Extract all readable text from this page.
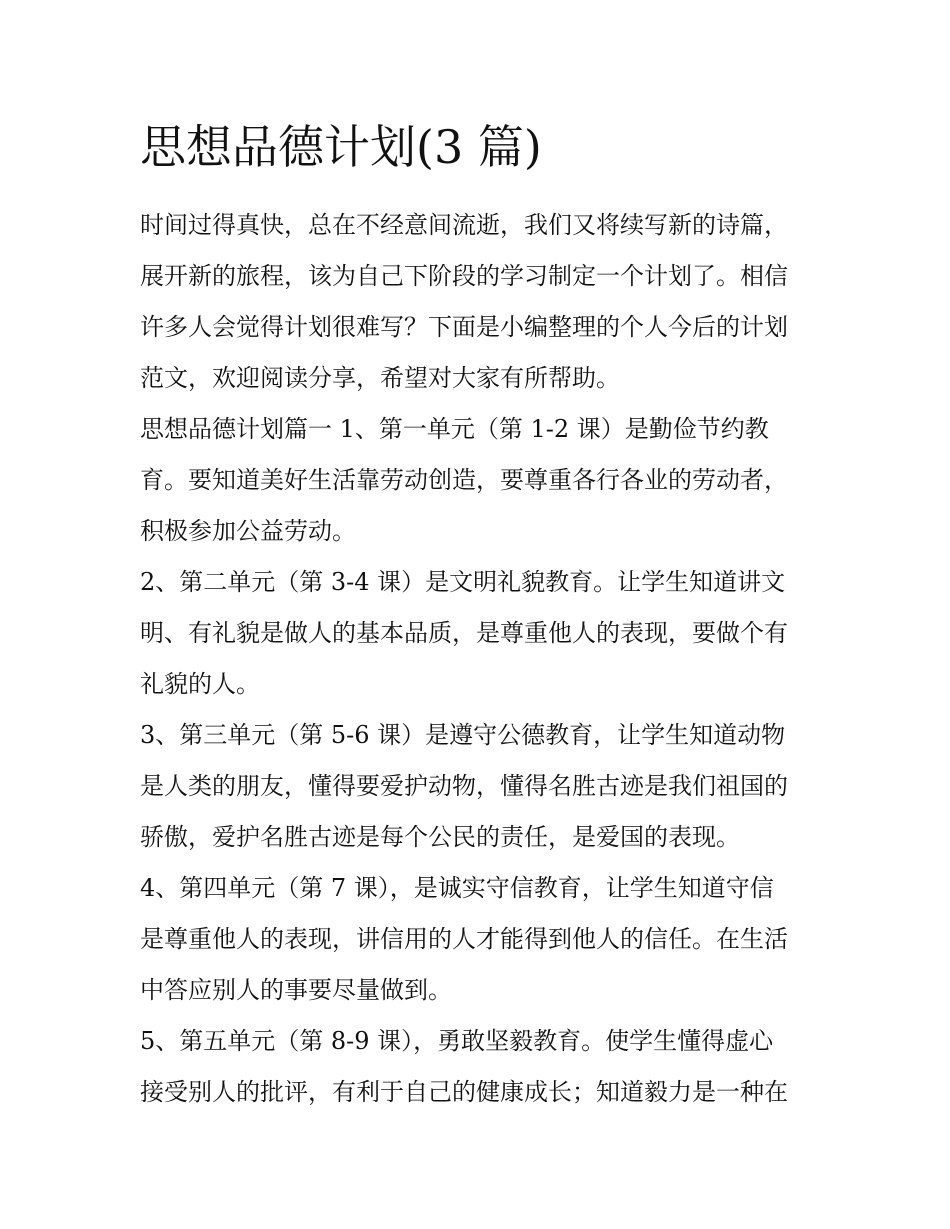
思想品德计划(3 篇)

时间过得真快，总在不经意间流逝，我们又将续写新的诗篇，
展开新的旅程，该为自己下阶段的学习制定一个计划了。相信
许多人会觉得计划很难写？下面是小编整理的个人今后的计划
范文，欢迎阅读分享，希望对大家有所帮助。

思想品德计划篇一 1、第一单元（第 1-2 课）是勤俭节约教
育。要知道美好生活靠劳动创造，要尊重各行各业的劳动者，
积极参加公益劳动。

2、第二单元（第 3-4 课）是文明礼貌教育。让学生知道讲文
明、有礼貌是做人的基本品质，是尊重他人的表现，要做个有
礼貌的人。

3、第三单元（第 5-6 课）是遵守公德教育，让学生知道动物
是人类的朋友，懂得要爱护动物，懂得名胜古迹是我们祖国的
骄傲，爱护名胜古迹是每个公民的责任，是爱国的表现。

4、第四单元（第 7 课），是诚实守信教育，让学生知道守信
是尊重他人的表现，讲信用的人才能得到他人的信任。在生活
中答应别人的事要尽量做到。

5、第五单元（第 8-9 课），勇敢坚毅教育。使学生懂得虚心
接受别人的批评，有利于自己的健康成长；知道毅力是一种在
